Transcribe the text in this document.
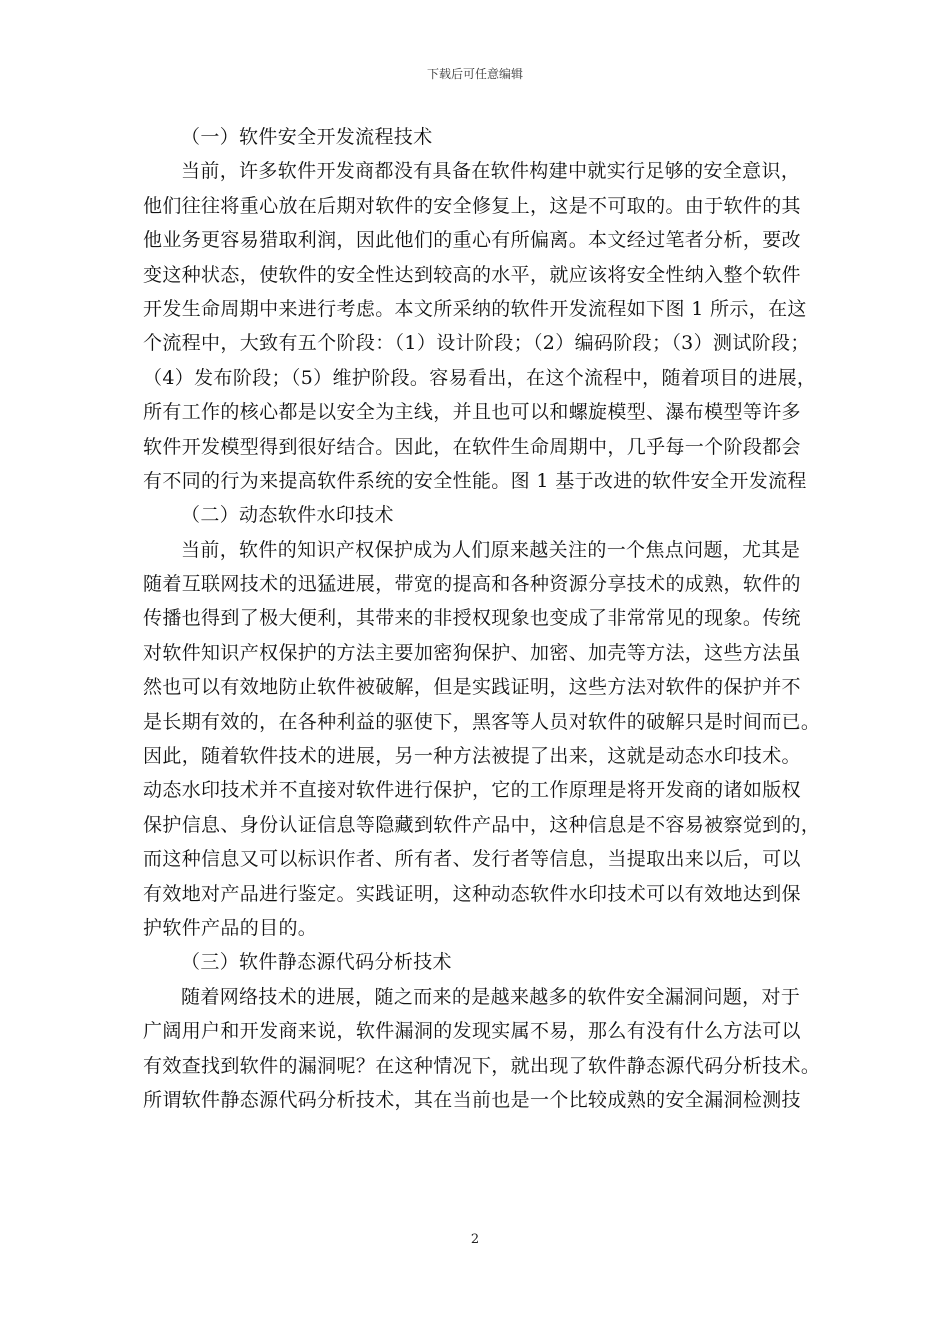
下载后可任意编辑
（一）软件安全开发流程技术
当前，许多软件开发商都没有具备在软件构建中就实行足够的安全意识，
他们往往将重心放在后期对软件的安全修复上，这是不可取的。由于软件的其
他业务更容易猎取利润，因此他们的重心有所偏离。本文经过笔者分析，要改
变这种状态，使软件的安全性达到较高的水平，就应该将安全性纳入整个软件
开发生命周期中来进行考虑。本文所采纳的软件开发流程如下图 1 所示，在这
个流程中，大致有五个阶段：（1）设计阶段；（2）编码阶段；（3）测试阶段；
（4）发布阶段；（5）维护阶段。容易看出，在这个流程中，随着项目的进展，
所有工作的核心都是以安全为主线，并且也可以和螺旋模型、瀑布模型等许多
软件开发模型得到很好结合。因此，在软件生命周期中，几乎每一个阶段都会
有不同的行为来提高软件系统的安全性能。图 1 基于改进的软件安全开发流程
（二）动态软件水印技术
当前，软件的知识产权保护成为人们原来越关注的一个焦点问题，尤其是
随着互联网技术的迅猛进展，带宽的提高和各种资源分享技术的成熟，软件的
传播也得到了极大便利，其带来的非授权现象也变成了非常常见的现象。传统
对软件知识产权保护的方法主要加密狗保护、加密、加壳等方法，这些方法虽
然也可以有效地防止软件被破解，但是实践证明，这些方法对软件的保护并不
是长期有效的，在各种利益的驱使下，黑客等人员对软件的破解只是时间而已。
因此，随着软件技术的进展，另一种方法被提了出来，这就是动态水印技术。
动态水印技术并不直接对软件进行保护，它的工作原理是将开发商的诸如版权
保护信息、身份认证信息等隐藏到软件产品中，这种信息是不容易被察觉到的，
而这种信息又可以标识作者、所有者、发行者等信息，当提取出来以后，可以
有效地对产品进行鉴定。实践证明，这种动态软件水印技术可以有效地达到保
护软件产品的目的。
（三）软件静态源代码分析技术
随着网络技术的进展，随之而来的是越来越多的软件安全漏洞问题，对于
广阔用户和开发商来说，软件漏洞的发现实属不易，那么有没有什么方法可以
有效查找到软件的漏洞呢？在这种情况下，就出现了软件静态源代码分析技术。
所谓软件静态源代码分析技术，其在当前也是一个比较成熟的安全漏洞检测技
2
